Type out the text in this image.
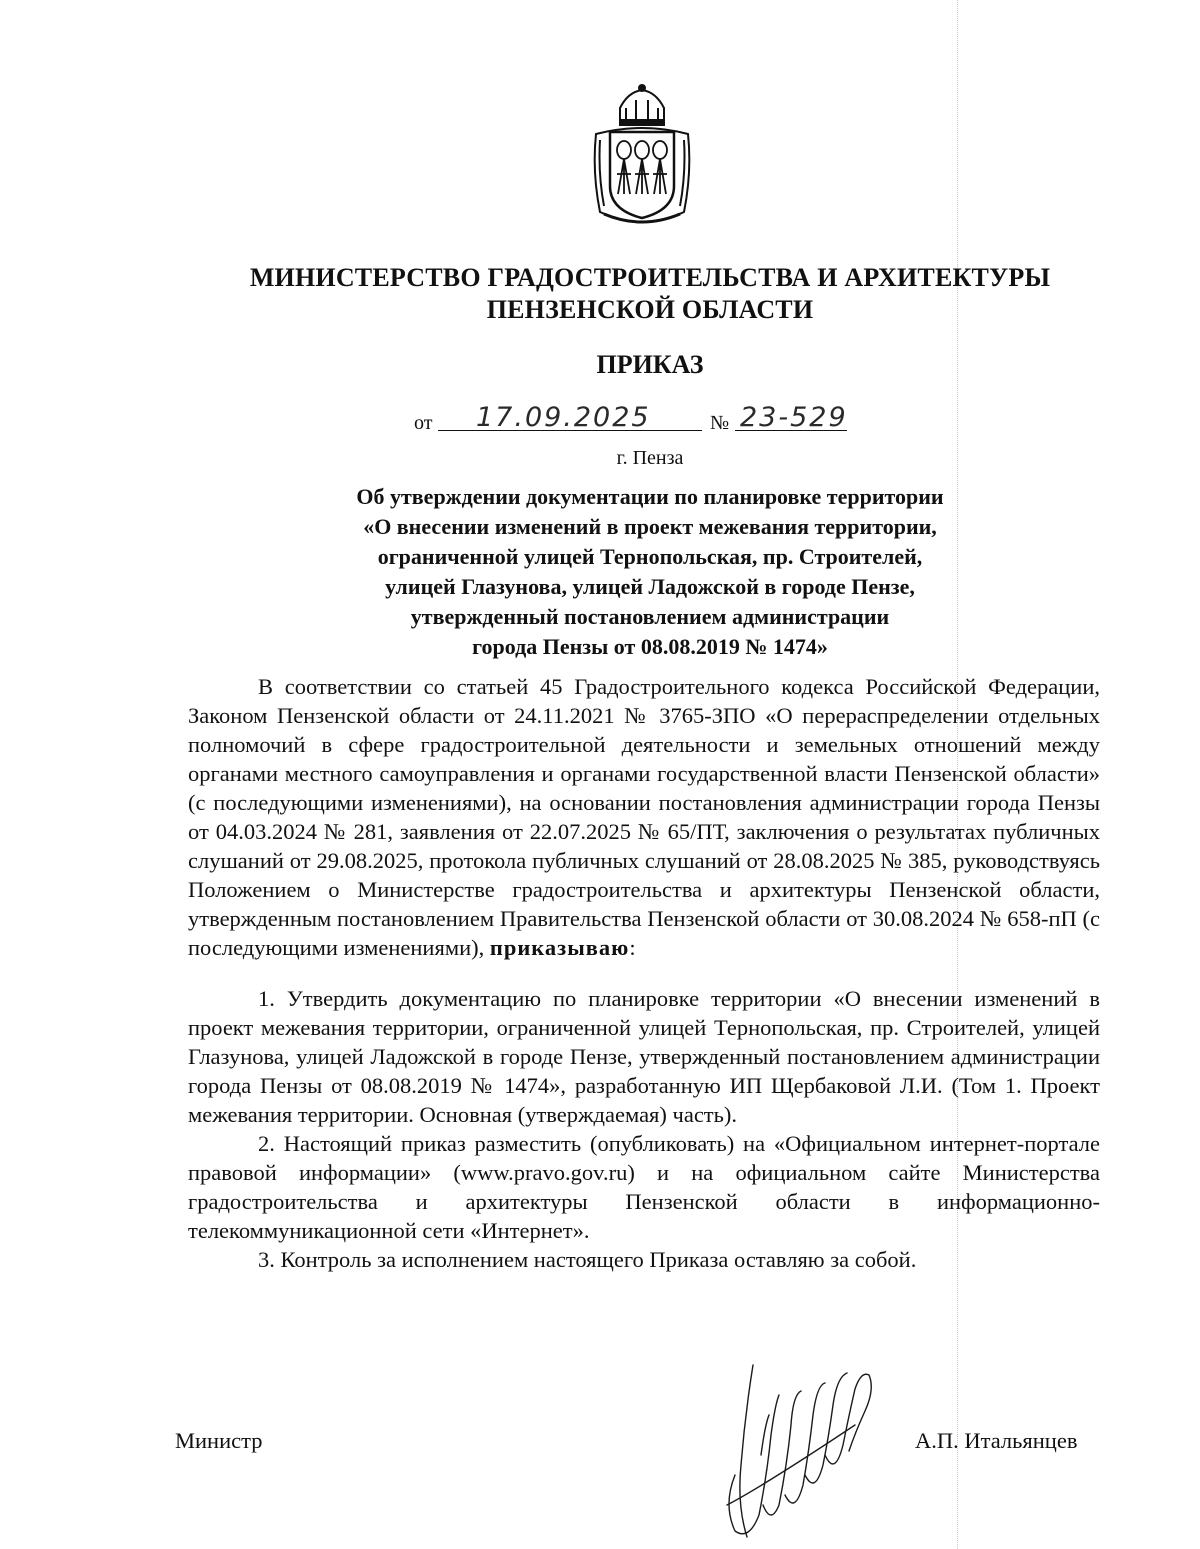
МИНИСТЕРСТВО ГРАДОСТРОИТЕЛЬСТВА И АРХИТЕКТУРЫ
ПЕНЗЕНСКОЙ ОБЛАСТИ
ПРИКАЗ
от 17.09.2025	№ 23-529
г. Пенза
Об утверждении документации по планировке территории
«О внесении изменений в проект межевания территории,
ограниченной улицей Тернопольская, пр. Строителей,
улицей Глазунова, улицей Ладожской в городе Пензе,
утвержденный постановлением администрации
города Пензы от 08.08.2019 № 1474»

В соответствии со статьей 45 Градостроительного кодекса Российской Федерации, Законом Пензенской области от 24.11.2021 № 3765-ЗПО «О перераспределении отдельных полномочий в сфере градостроительной деятельности и земельных отношений между органами местного самоуправления и органами государственной власти Пензенской области» (с последующими изменениями), на основании постановления администрации города Пензы от 04.03.2024 № 281, заявления от 22.07.2025 № 65/ПТ, заключения о результатах публичных слушаний от 29.08.2025, протокола публичных слушаний от 28.08.2025 № 385, руководствуясь Положением о Министерстве градостроительства и архитектуры Пензенской области, утвержденным постановлением Правительства Пензенской области от 30.08.2024 № 658-пП (с последующими изменениями), приказываю:

1. Утвердить документацию по планировке территории «О внесении изменений в проект межевания территории, ограниченной улицей Тернопольская, пр. Строителей, улицей Глазунова, улицей Ладожской в городе Пензе, утвержденный постановлением администрации города Пензы от 08.08.2019 № 1474», разработанную ИП Щербаковой Л.И. (Том 1. Проект межевания территории. Основная (утверждаемая) часть).

2. Настоящий приказ разместить (опубликовать) на «Официальном интернет-портале правовой информации» (www.pravo.gov.ru) и на официальном сайте Министерства градостроительства и архитектуры Пензенской области в информационно-телекоммуникационной сети «Интернет».

3. Контроль за исполнением настоящего Приказа оставляю за собой.

Министр	А.П. Итальянцев
